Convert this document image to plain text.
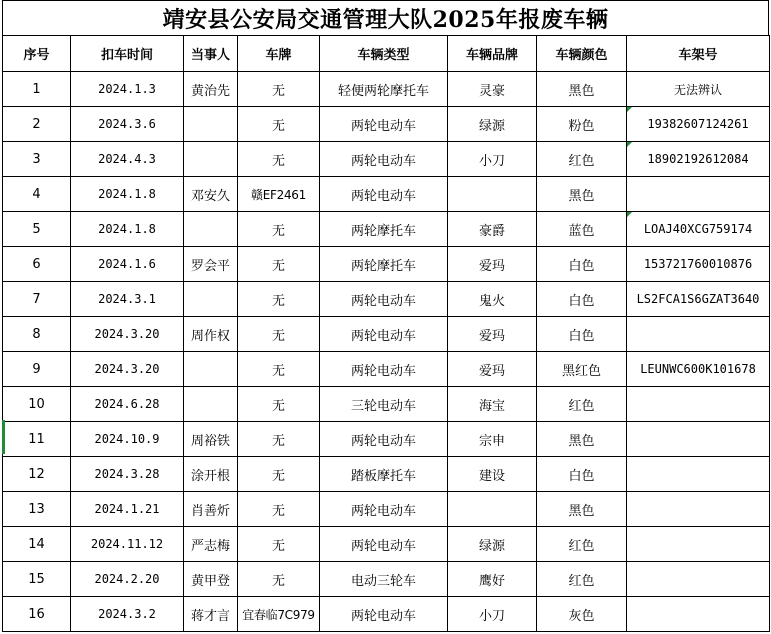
靖安县公安局交通管理大队2025年报废车辆
序号	扣车时间	当事人	车牌	车辆类型	车辆品牌	车辆颜色	车架号
1	2024.1.3	黄治先	无	轻便两轮摩托车	灵豪	黑色	无法辨认
2	2024.3.6		无	两轮电动车	绿源	粉色	19382607124261
3	2024.4.3		无	两轮电动车	小刀	红色	18902192612084
4	2024.1.8	邓安久	赣EF2461	两轮电动车		黑色	
5	2024.1.8		无	两轮摩托车	豪爵	蓝色	LOAJ40XCG759174
6	2024.1.6	罗会平	无	两轮摩托车	爱玛	白色	153721760010876
7	2024.3.1		无	两轮电动车	鬼火	白色	LS2FCA1S6GZAT3640
8	2024.3.20	周作权	无	两轮电动车	爱玛	白色	
9	2024.3.20		无	两轮电动车	爱玛	黑红色	LEUNWC600K101678
10	2024.6.28		无	三轮电动车	海宝	红色	
11	2024.10.9	周裕铁	无	两轮电动车	宗申	黑色	
12	2024.3.28	涂开根	无	踏板摩托车	建设	白色	
13	2024.1.21	肖善炘	无	两轮电动车		黑色	
14	2024.11.12	严志梅	无	两轮电动车	绿源	红色	
15	2024.2.20	黄甲登	无	电动三轮车	鹰好	红色	
16	2024.3.2	蒋才言	宜春临7C979	两轮电动车	小刀	灰色	
